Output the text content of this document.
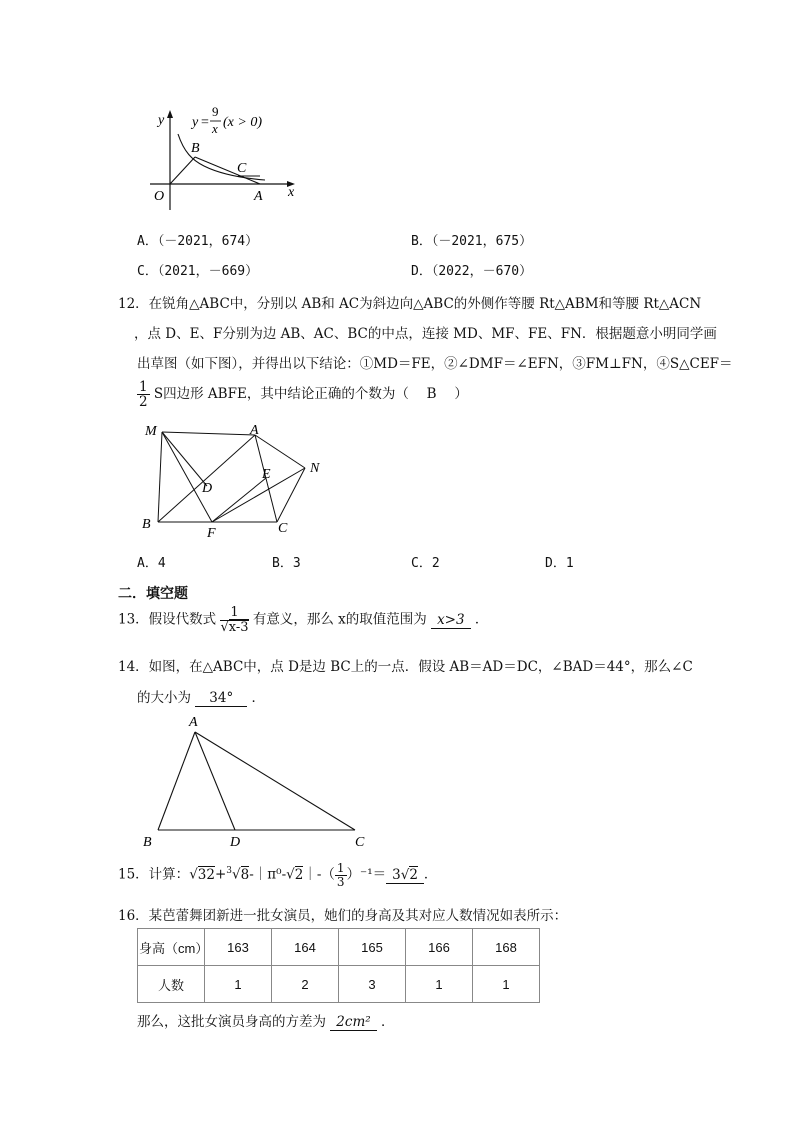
y
x
O	A
B
C
y =
9
x (x > 0)
A．（－2021，674）	B．（－2021，675）
C．（2021，－669）	D．（2022，－670）
12．在锐角△ABC中，分别以 AB和 AC为斜边向△ABC的外侧作等腰 Rt△ABM和等腰 Rt△ACN
，点 D、E、F分别为边 AB、AC、BC的中点，连接 MD、MF、FE、FN．根据题意小明同学画
出草图（如下图），并得出以下结论：①MD＝FE，②∠DMF＝∠EFN，③FM⊥FN，④S△CEF＝
$\frac{1}{2}$ S四边形 ABFE，其中结论正确的个数为（　 B　 ）
M	A
N
D
E
B
F	C
A．4	B．3	C．2	D．1
二．填空题
13．假设代数式 $\frac{1}{√x-3}$ 有意义，那么 x的取值范围为 x>3 ．
14．如图，在△ABC中，点 D是边 BC上的一点．假设 AB＝AD＝DC，∠BAD＝44°，那么∠C
的大小为 34° ．
A
B	D	C
15．计算：√32+$^3$√8-｜π⁰-√2｜-（ $\frac{1}{3} )^{-1}= 3√2$ ．
16．某芭蕾舞团新进一批女演员，她们的身高及其对应人数情况如表所示：
身高（cm）	163	164	165	166	168
人数	1	2	3	1	1
那么，这批女演员身高的方差为 2cm² ．
